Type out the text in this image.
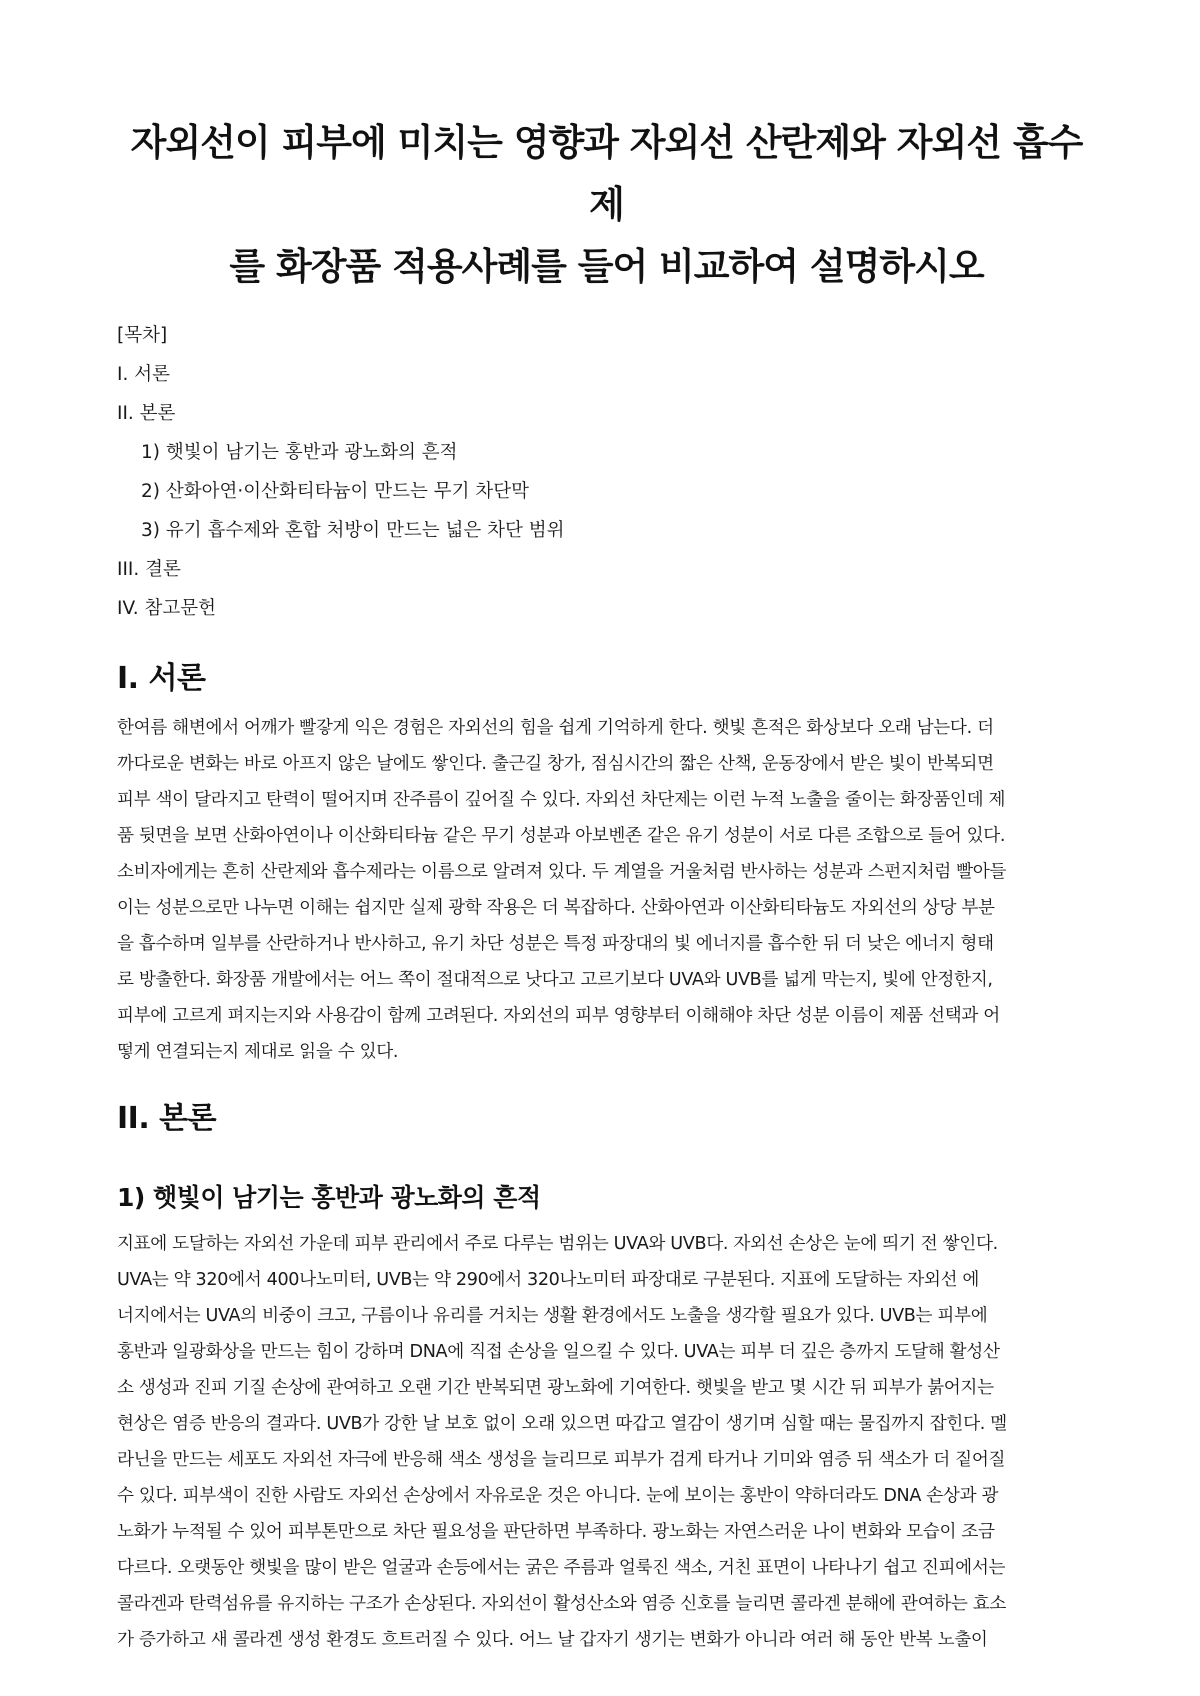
자외선이 피부에 미치는 영향과 자외선 산란제와 자외선 흡수제
를 화장품 적용사례를 들어 비교하여 설명하시오
[목차]
I. 서론
II. 본론
1) 햇빛이 남기는 홍반과 광노화의 흔적
2) 산화아연·이산화티타늄이 만드는 무기 차단막
3) 유기 흡수제와 혼합 처방이 만드는 넓은 차단 범위
III. 결론
IV. 참고문헌
I. 서론
한여름 해변에서 어깨가 빨갛게 익은 경험은 자외선의 힘을 쉽게 기억하게 한다. 햇빛 흔적은 화상보다 오래 남는다. 더
까다로운 변화는 바로 아프지 않은 날에도 쌓인다. 출근길 창가, 점심시간의 짧은 산책, 운동장에서 받은 빛이 반복되면
피부 색이 달라지고 탄력이 떨어지며 잔주름이 깊어질 수 있다. 자외선 차단제는 이런 누적 노출을 줄이는 화장품인데 제
품 뒷면을 보면 산화아연이나 이산화티타늄 같은 무기 성분과 아보벤존 같은 유기 성분이 서로 다른 조합으로 들어 있다.
소비자에게는 흔히 산란제와 흡수제라는 이름으로 알려져 있다. 두 계열을 거울처럼 반사하는 성분과 스펀지처럼 빨아들
이는 성분으로만 나누면 이해는 쉽지만 실제 광학 작용은 더 복잡하다. 산화아연과 이산화티타늄도 자외선의 상당 부분
을 흡수하며 일부를 산란하거나 반사하고, 유기 차단 성분은 특정 파장대의 빛 에너지를 흡수한 뒤 더 낮은 에너지 형태
로 방출한다. 화장품 개발에서는 어느 쪽이 절대적으로 낫다고 고르기보다 UVA와 UVB를 넓게 막는지, 빛에 안정한지,
피부에 고르게 펴지는지와 사용감이 함께 고려된다. 자외선의 피부 영향부터 이해해야 차단 성분 이름이 제품 선택과 어
떻게 연결되는지 제대로 읽을 수 있다.
II. 본론
1) 햇빛이 남기는 홍반과 광노화의 흔적
지표에 도달하는 자외선 가운데 피부 관리에서 주로 다루는 범위는 UVA와 UVB다. 자외선 손상은 눈에 띄기 전 쌓인다.
UVA는 약 320에서 400나노미터, UVB는 약 290에서 320나노미터 파장대로 구분된다. 지표에 도달하는 자외선 에
너지에서는 UVA의 비중이 크고, 구름이나 유리를 거치는 생활 환경에서도 노출을 생각할 필요가 있다. UVB는 피부에
홍반과 일광화상을 만드는 힘이 강하며 DNA에 직접 손상을 일으킬 수 있다. UVA는 피부 더 깊은 층까지 도달해 활성산
소 생성과 진피 기질 손상에 관여하고 오랜 기간 반복되면 광노화에 기여한다. 햇빛을 받고 몇 시간 뒤 피부가 붉어지는
현상은 염증 반응의 결과다. UVB가 강한 날 보호 없이 오래 있으면 따갑고 열감이 생기며 심할 때는 물집까지 잡힌다. 멜
라닌을 만드는 세포도 자외선 자극에 반응해 색소 생성을 늘리므로 피부가 검게 타거나 기미와 염증 뒤 색소가 더 짙어질
수 있다. 피부색이 진한 사람도 자외선 손상에서 자유로운 것은 아니다. 눈에 보이는 홍반이 약하더라도 DNA 손상과 광
노화가 누적될 수 있어 피부톤만으로 차단 필요성을 판단하면 부족하다. 광노화는 자연스러운 나이 변화와 모습이 조금
다르다. 오랫동안 햇빛을 많이 받은 얼굴과 손등에서는 굵은 주름과 얼룩진 색소, 거친 표면이 나타나기 쉽고 진피에서는
콜라겐과 탄력섬유를 유지하는 구조가 손상된다. 자외선이 활성산소와 염증 신호를 늘리면 콜라겐 분해에 관여하는 효소
가 증가하고 새 콜라겐 생성 환경도 흐트러질 수 있다. 어느 날 갑자기 생기는 변화가 아니라 여러 해 동안 반복 노출이
